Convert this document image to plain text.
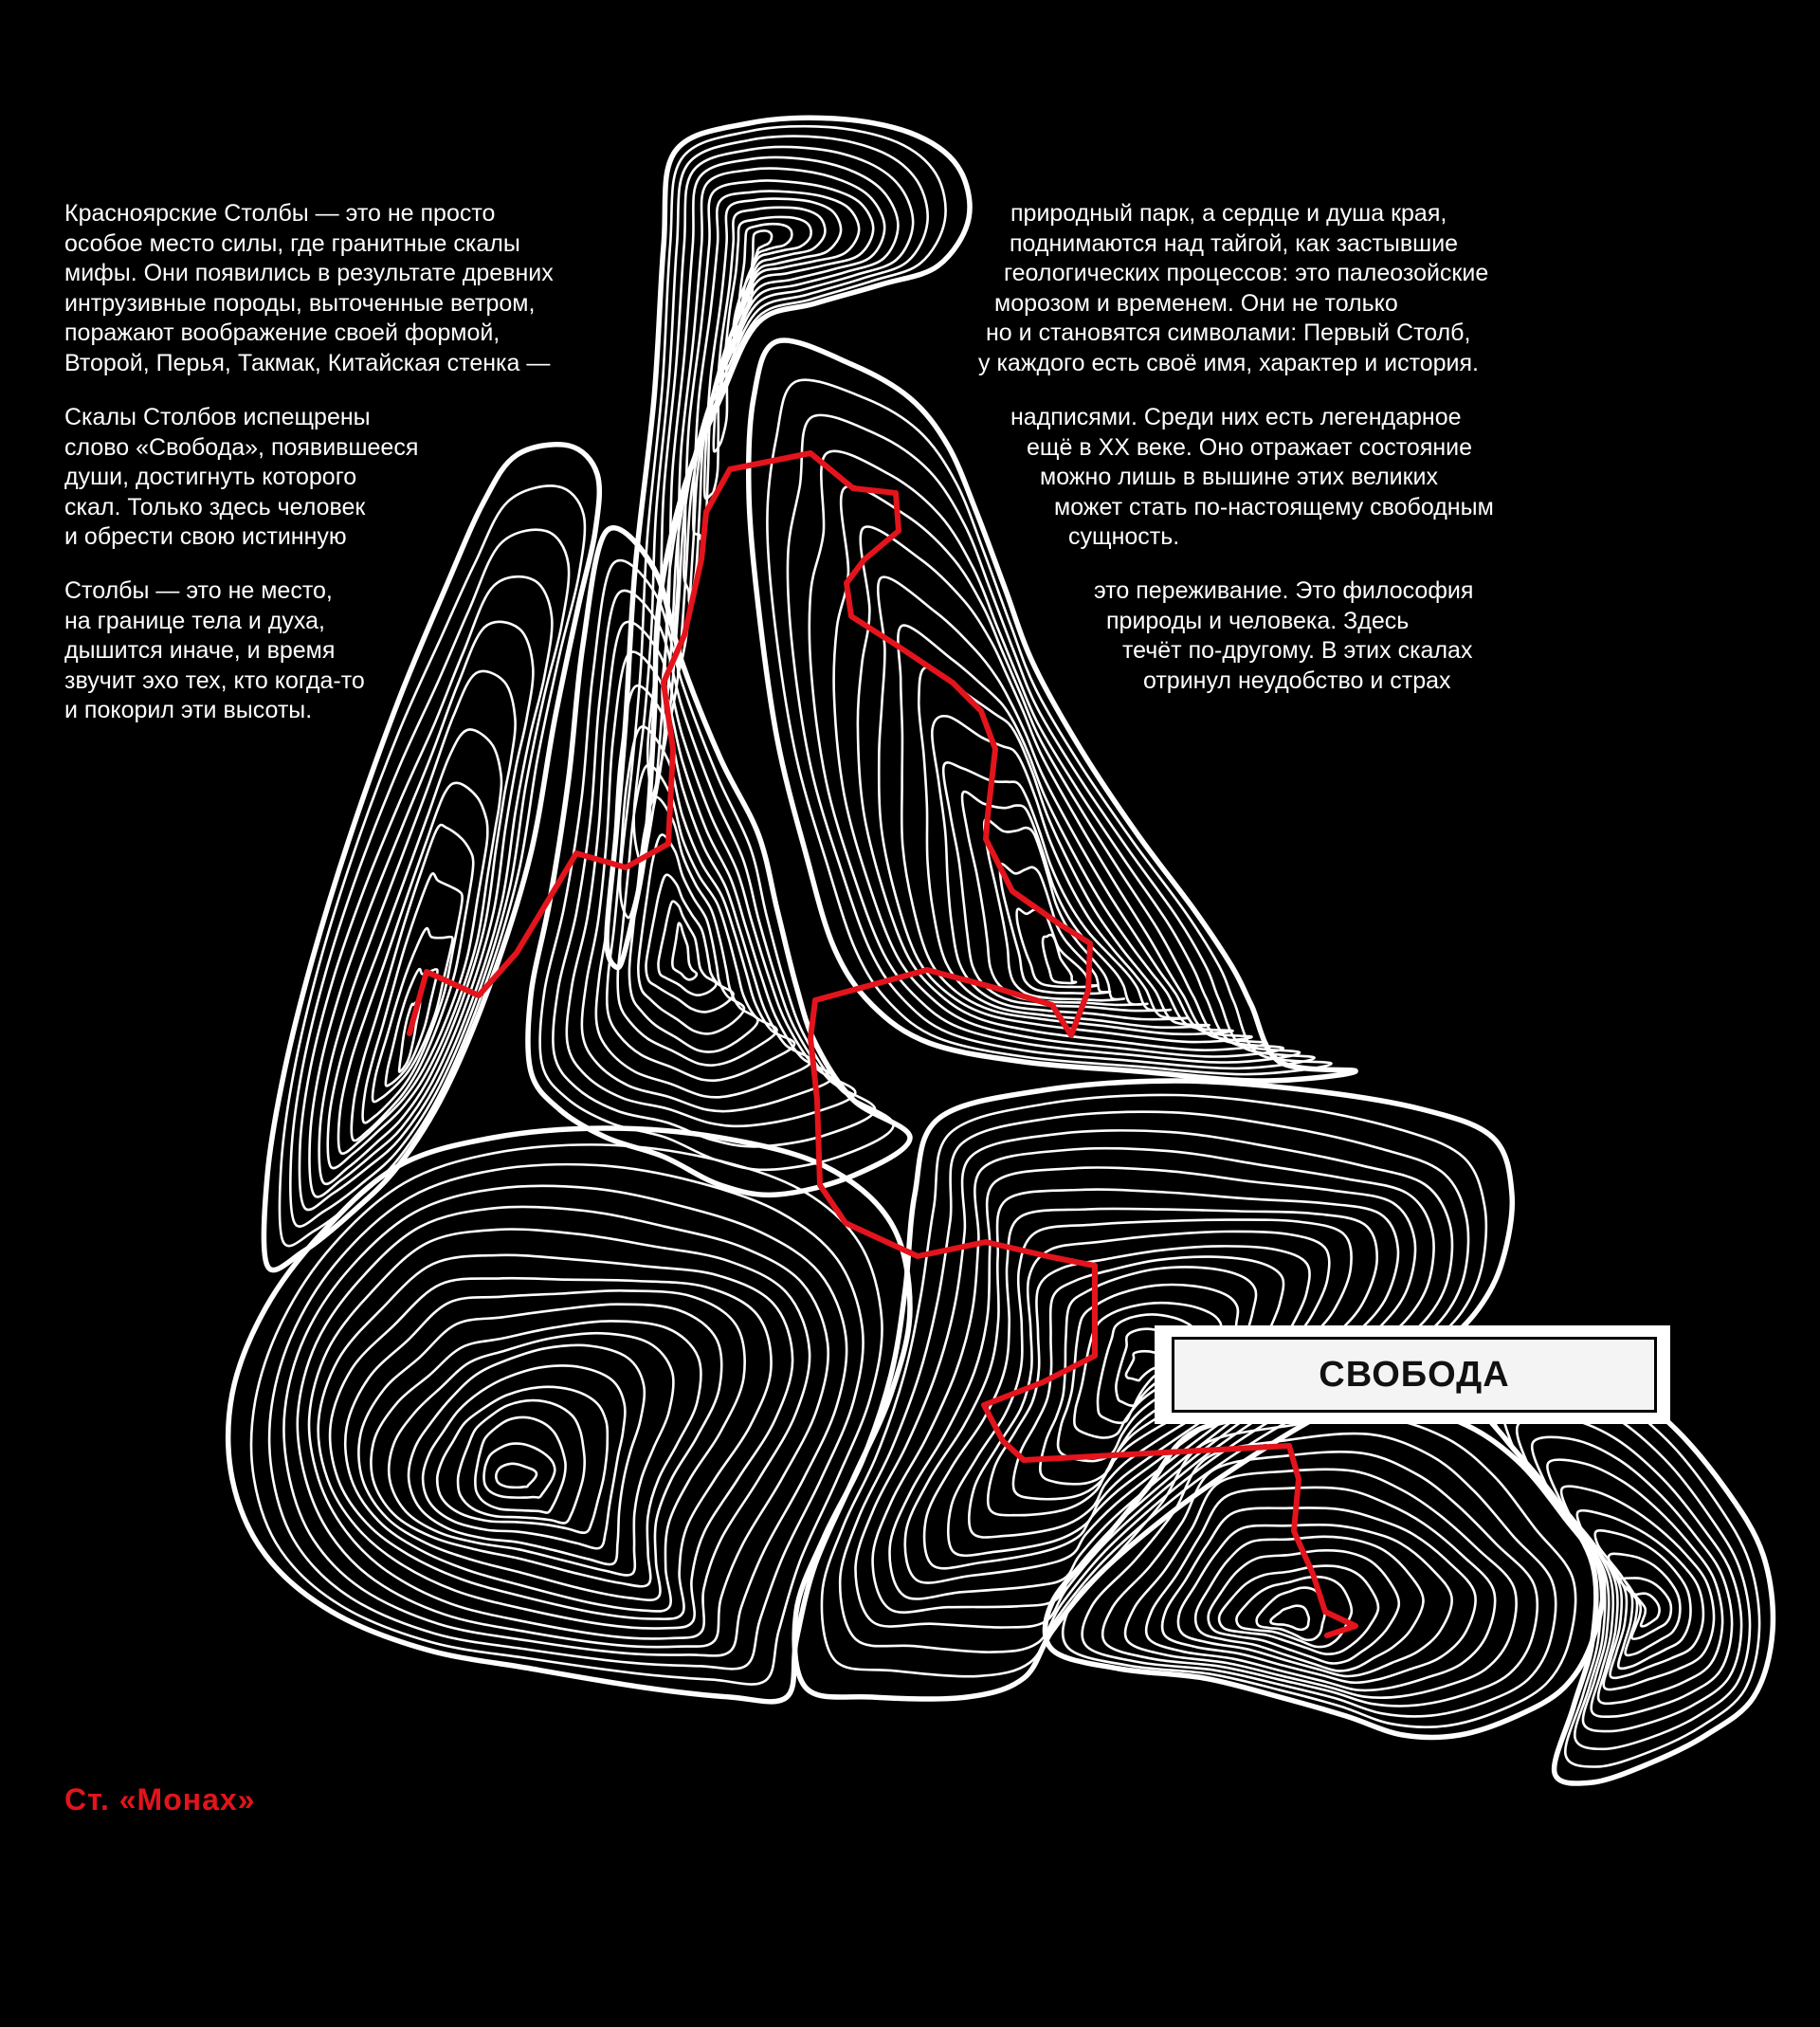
Красноярские Столбы — это не просто
особое место силы, где гранитные скалы
мифы. Они появились в результате древних
интрузивные породы, выточенные ветром,
поражают воображение своей формой,
Второй, Перья, Такмак, Китайская стенка —

Скалы Столбов испещрены
слово «Свобода», появившееся
души, достигнуть которого
скал. Только здесь человек
и обрести свою истинную

Столбы — это не место,
на границе тела и духа,
дышится иначе, и время
звучит эхо тех, кто когда-то
и покорил эти высоты.

природный парк, а сердце и душа края,
поднимаются над тайгой, как застывшие
геологических процессов: это палеозойские
морозом и временем. Они не только
но и становятся символами: Первый Столб,
у каждого есть своё имя, характер и история.

надписями. Среди них есть легендарное
ещё в XX веке. Оно отражает состояние
можно лишь в вышине этих великих
может стать по-настоящему свободным
сущность.

это переживание. Это философия
природы и человека. Здесь
течёт по-другому. В этих скалах
отринул неудобство и страх

СВОБОДА
Ст. «Монах»
